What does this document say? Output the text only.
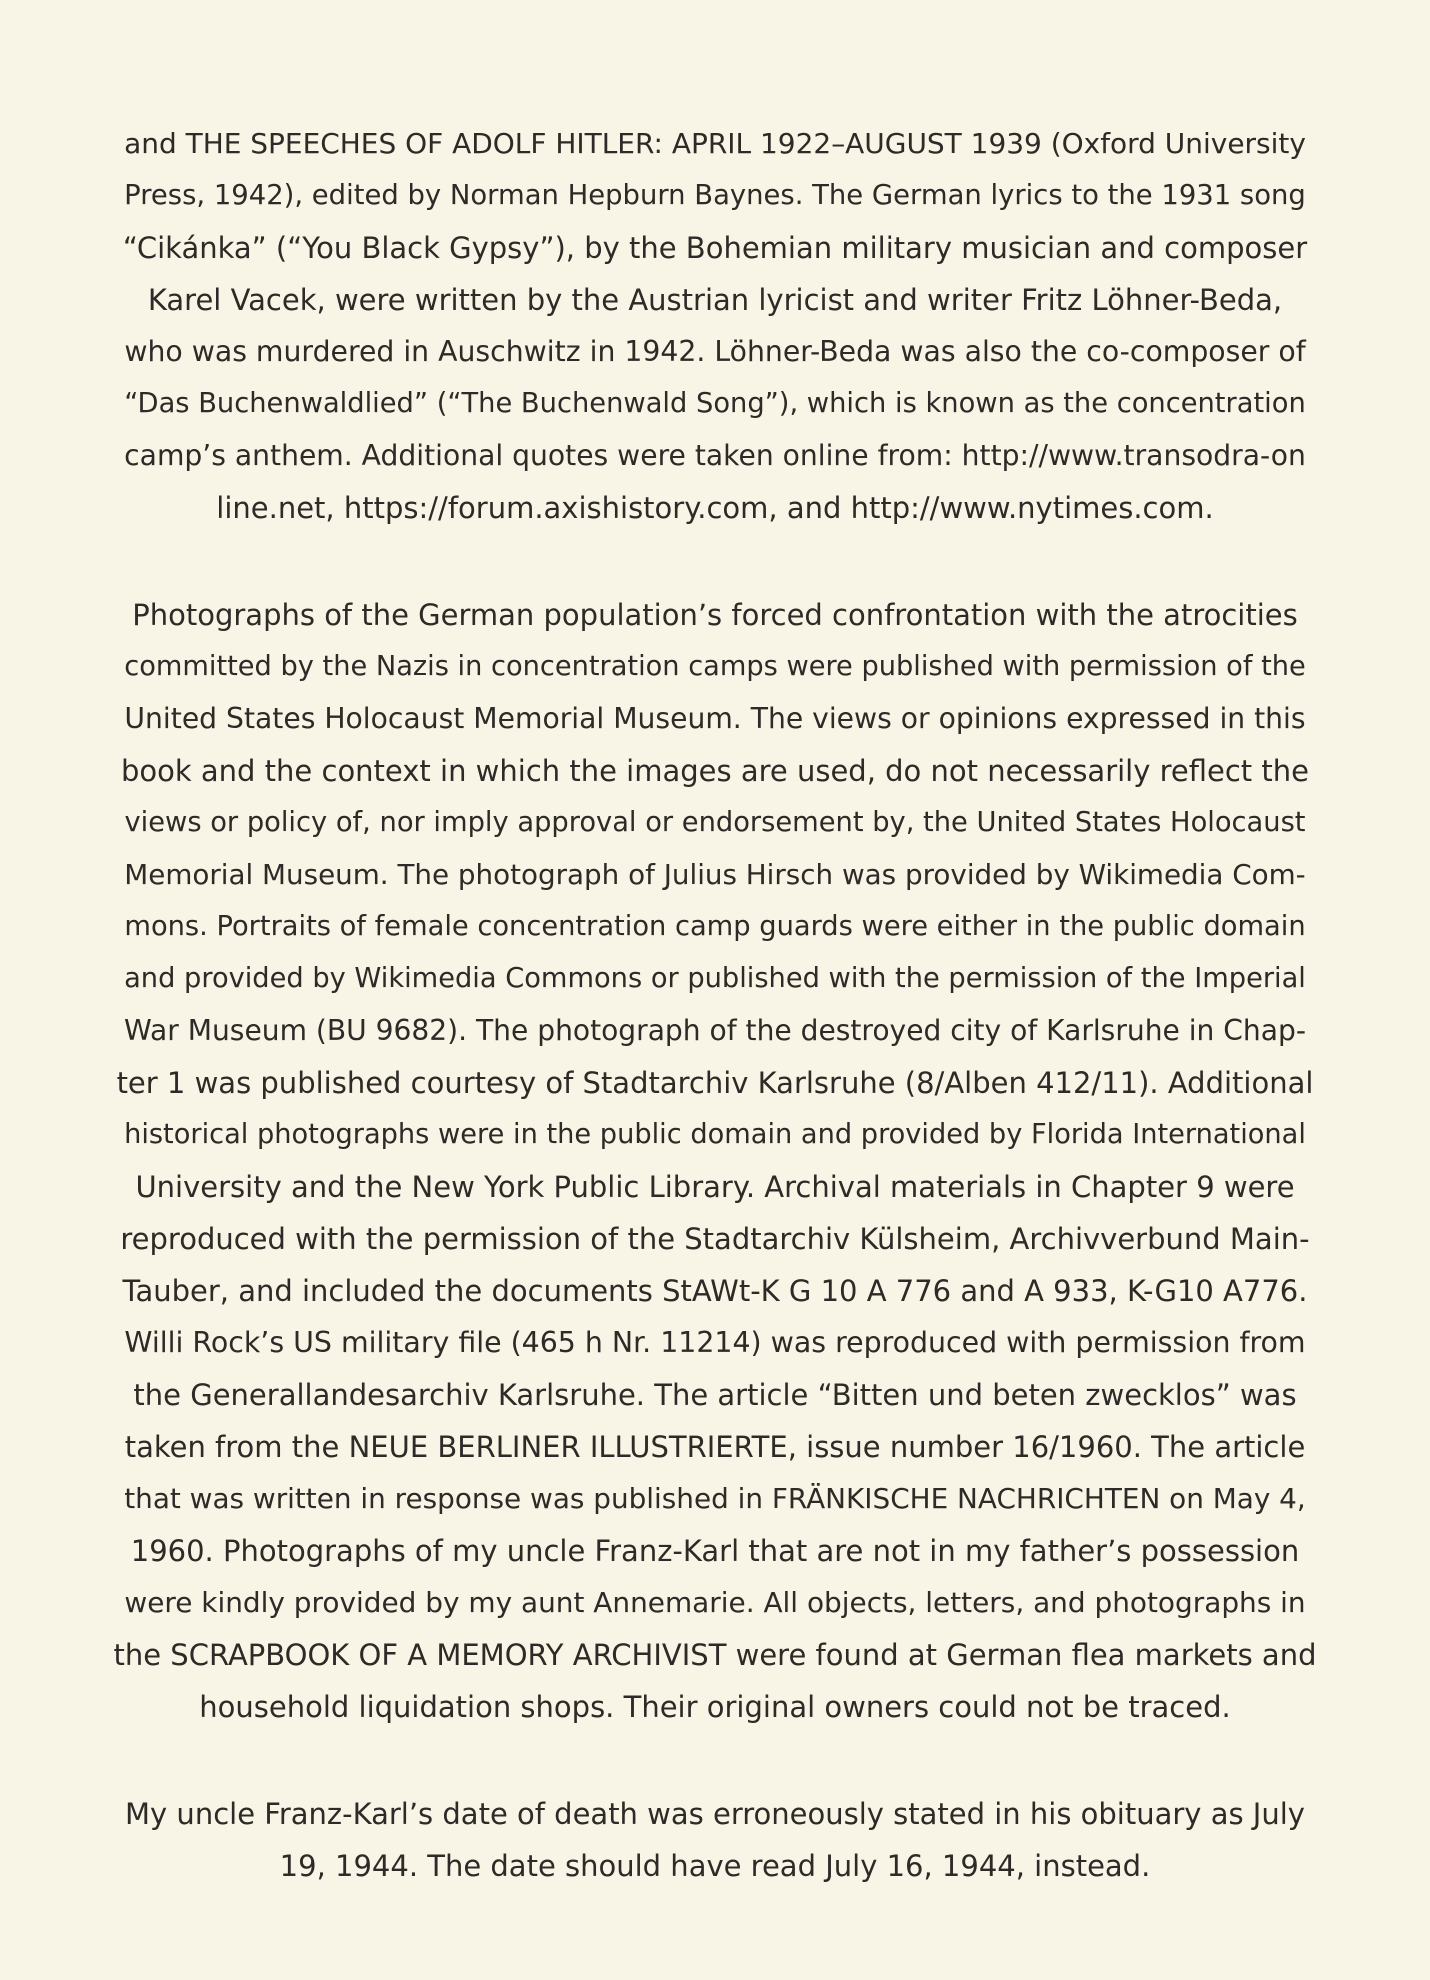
and THE SPEECHES OF ADOLF HITLER: APRIL 1922–AUGUST 1939 (Oxford University
Press, 1942), edited by Norman Hepburn Baynes. The German lyrics to the 1931 song
“Cikánka” (“You Black Gypsy”), by the Bohemian military musician and composer
Karel Vacek, were written by the Austrian lyricist and writer Fritz Löhner-Beda,
who was murdered in Auschwitz in 1942. Löhner-Beda was also the co-composer of
“Das Buchenwaldlied” (“The Buchenwald Song”), which is known as the concentration
camp’s anthem. Additional quotes were taken online from: http://www.transodra-on
line.net, https://forum.axishistory.com, and http://www.nytimes.com.

Photographs of the German population’s forced confrontation with the atrocities
committed by the Nazis in concentration camps were published with permission of the
United States Holocaust Memorial Museum. The views or opinions expressed in this
book and the context in which the images are used, do not necessarily reflect the
views or policy of, nor imply approval or endorsement by, the United States Holocaust
Memorial Museum. The photograph of Julius Hirsch was provided by Wikimedia Com-
mons. Portraits of female concentration camp guards were either in the public domain
and provided by Wikimedia Commons or published with the permission of the Imperial
War Museum (BU 9682). The photograph of the destroyed city of Karlsruhe in Chap-
ter 1 was published courtesy of Stadtarchiv Karlsruhe (8/Alben 412/11). Additional
historical photographs were in the public domain and provided by Florida International
University and the New York Public Library. Archival materials in Chapter 9 were
reproduced with the permission of the Stadtarchiv Külsheim, Archivverbund Main-
Tauber, and included the documents StAWt-K G 10 A 776 and A 933, K-G10 A776.
Willi Rock’s US military file (465 h Nr. 11214) was reproduced with permission from
the Generallandesarchiv Karlsruhe. The article “Bitten und beten zwecklos” was
taken from the NEUE BERLINER ILLUSTRIERTE, issue number 16/1960. The article
that was written in response was published in FRÄNKISCHE NACHRICHTEN on May 4,
1960. Photographs of my uncle Franz-Karl that are not in my father’s possession
were kindly provided by my aunt Annemarie. All objects, letters, and photographs in
the SCRAPBOOK OF A MEMORY ARCHIVIST were found at German flea markets and
household liquidation shops. Their original owners could not be traced.

My uncle Franz-Karl’s date of death was erroneously stated in his obituary as July
19, 1944. The date should have read July 16, 1944, instead.
